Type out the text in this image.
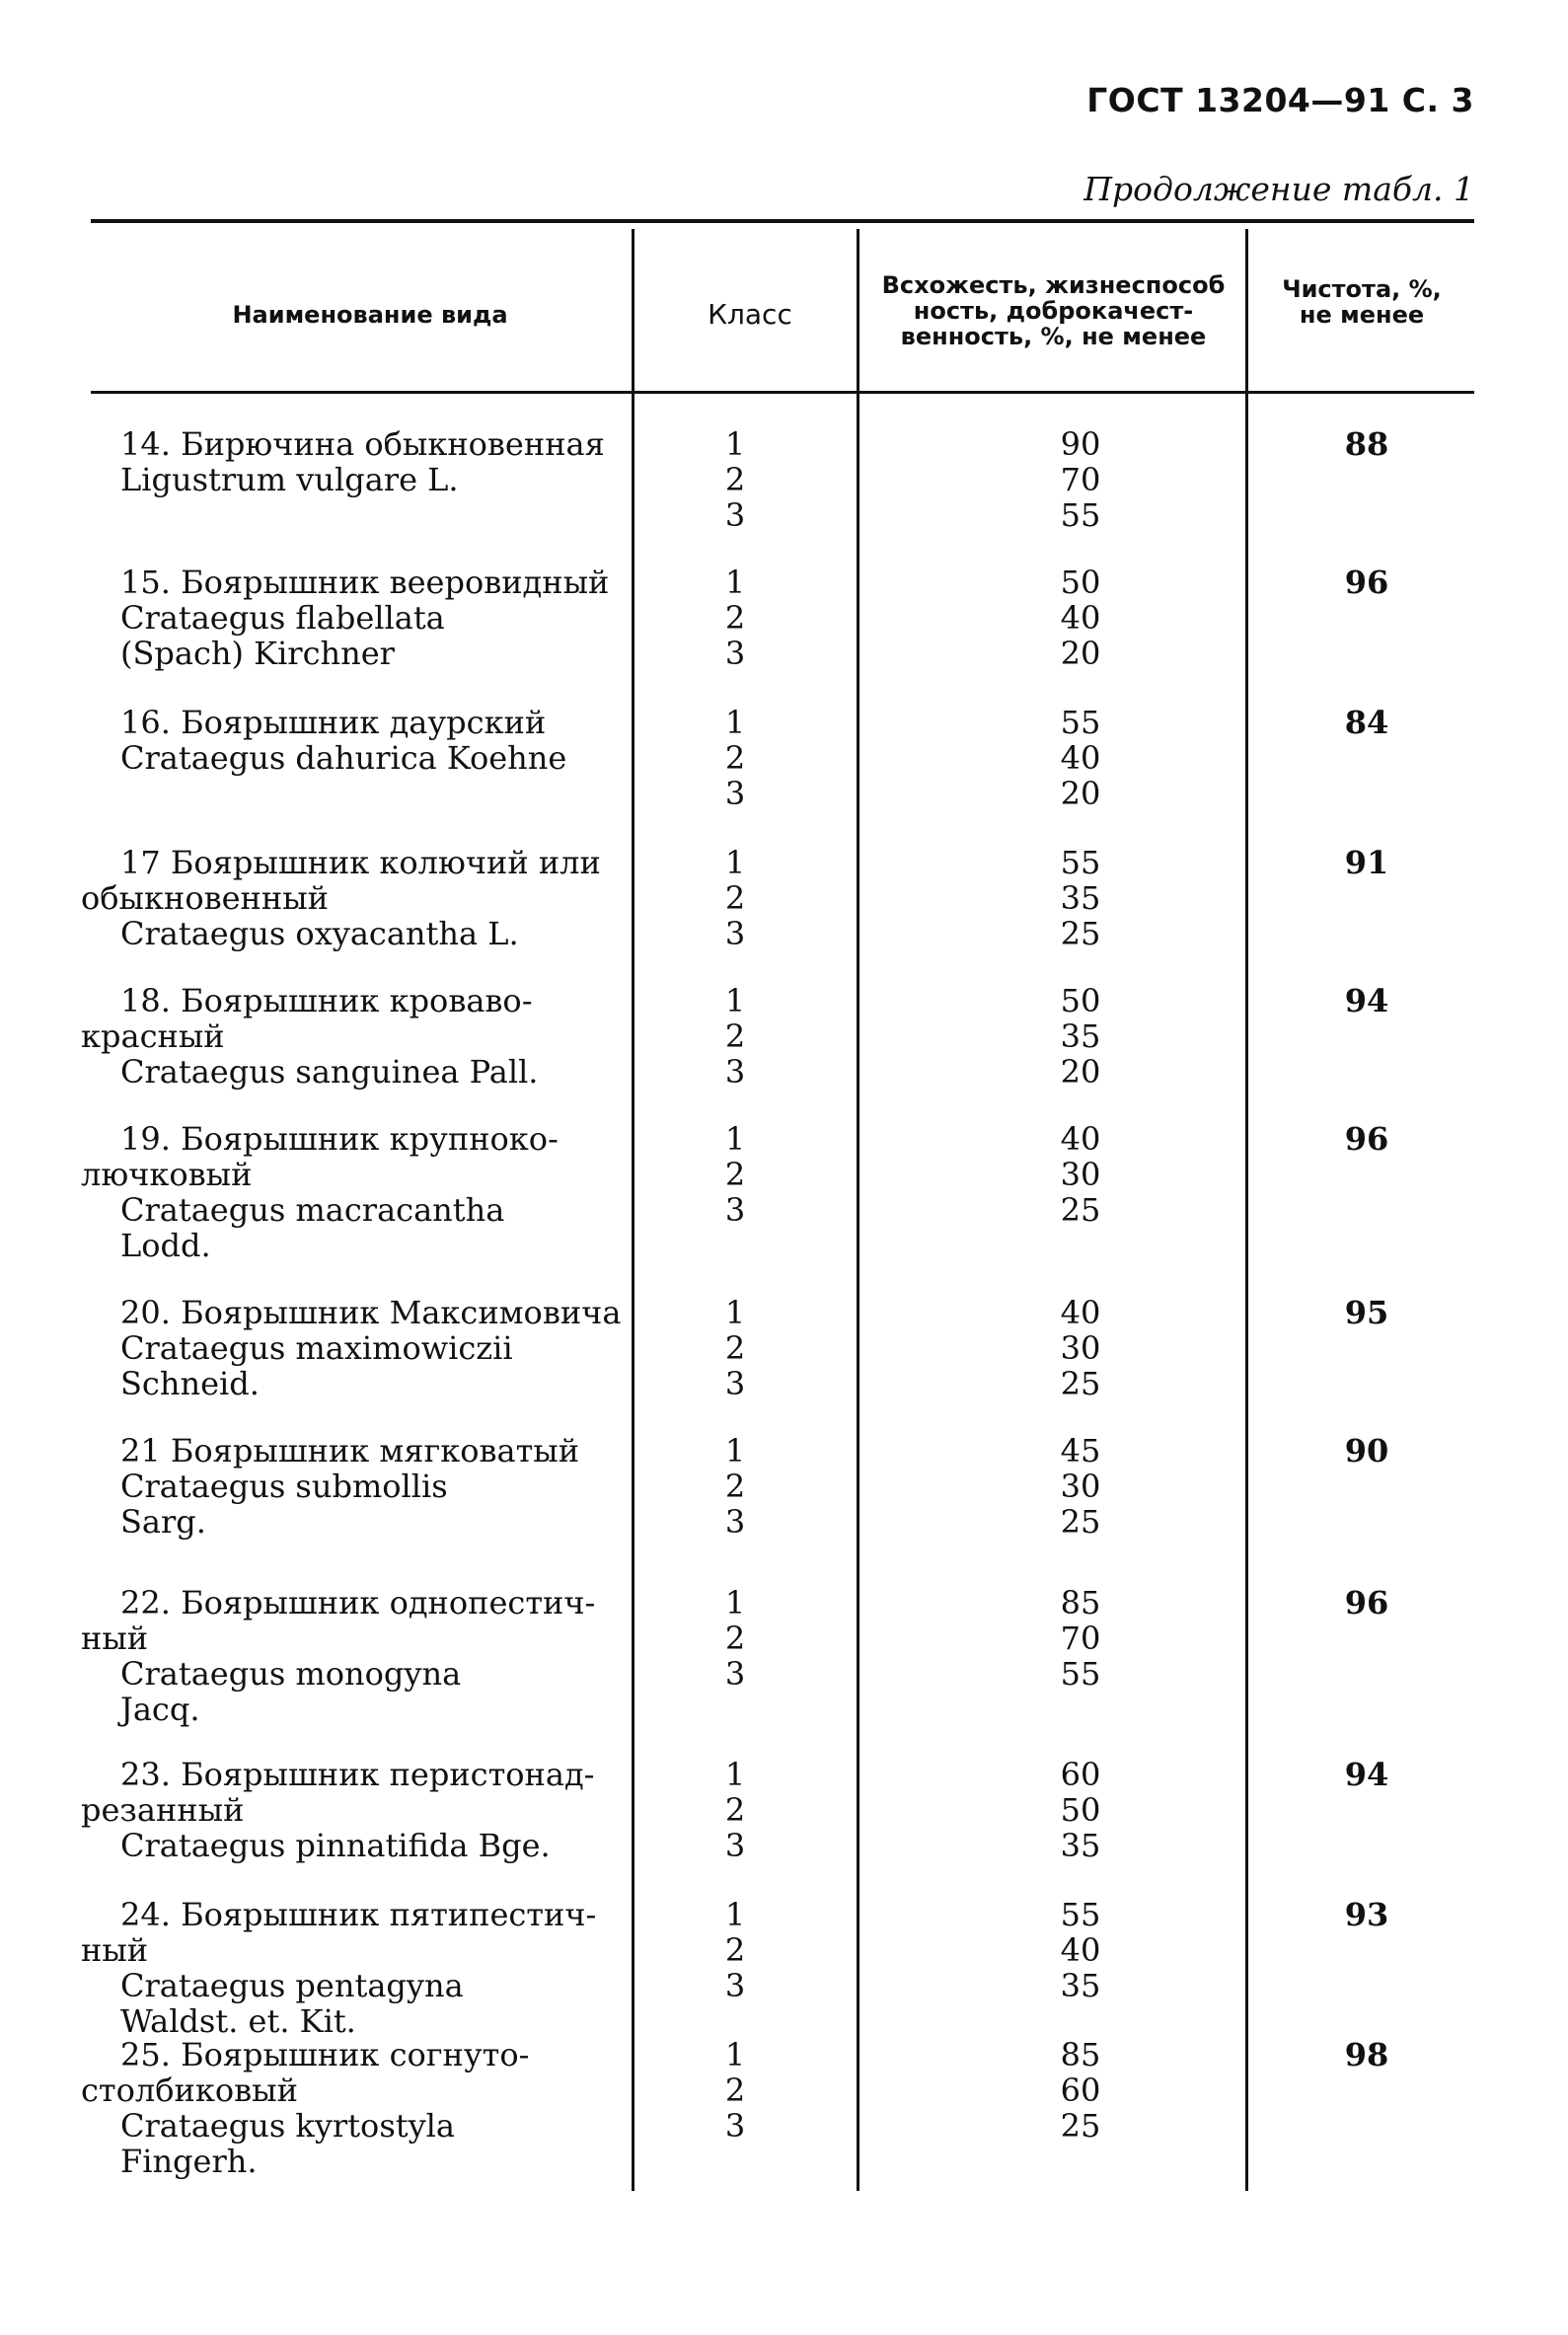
ГОСТ 13204—91 С. 3
Продолжение табл. 1
Наименование вида	Класс
Всхожесть, жизнеспособ
ность, доброкачест-
венность, %, не менее
Чистота, %,
не менее
14. Бирючина обыкновенная
Ligustrum vulgare L.
1
2
3
90
70
55
88
15. Боярышник вееровидный
Crataegus flabellata
(Spach) Kirchner
1
2
3
50
40
20
96
16. Боярышник даурский
Crataegus dahurica Koehne
1
2
3
55
40
20
84
17 Боярышник колючий или
обыкновенный
Crataegus oxyacantha L.
1
2
3
55
35
25
91
18. Боярышник кроваво-
красный
Crataegus sanguinea Pall.
1
2
3
50
35
20
94
19. Боярышник крупноко-
лючковый
Crataegus macracantha
Lodd.
1
2
3
40
30
25
96
20. Боярышник Максимовича
Crataegus maximowiczii
Schneid.
1
2
3
40
30
25
95
21 Боярышник мягковатый
Crataegus submollis
Sarg.
1
2
3
45
30
25
90
22. Боярышник однопестич-
ный
Crataegus monogyna
Jacq.
1
2
3
85
70
55
96
23. Боярышник перистонад-
резанный
Crataegus pinnatifida Bge.
1
2
3
60
50
35
94
24. Боярышник пятипестич-
ный
Crataegus pentagyna
Waldst. et. Kit.
1
2
3
55
40
35
93
25. Боярышник согнуто-
столбиковый
Crataegus kyrtostyla
Fingerh.
1
2
3
85
60
25
98
